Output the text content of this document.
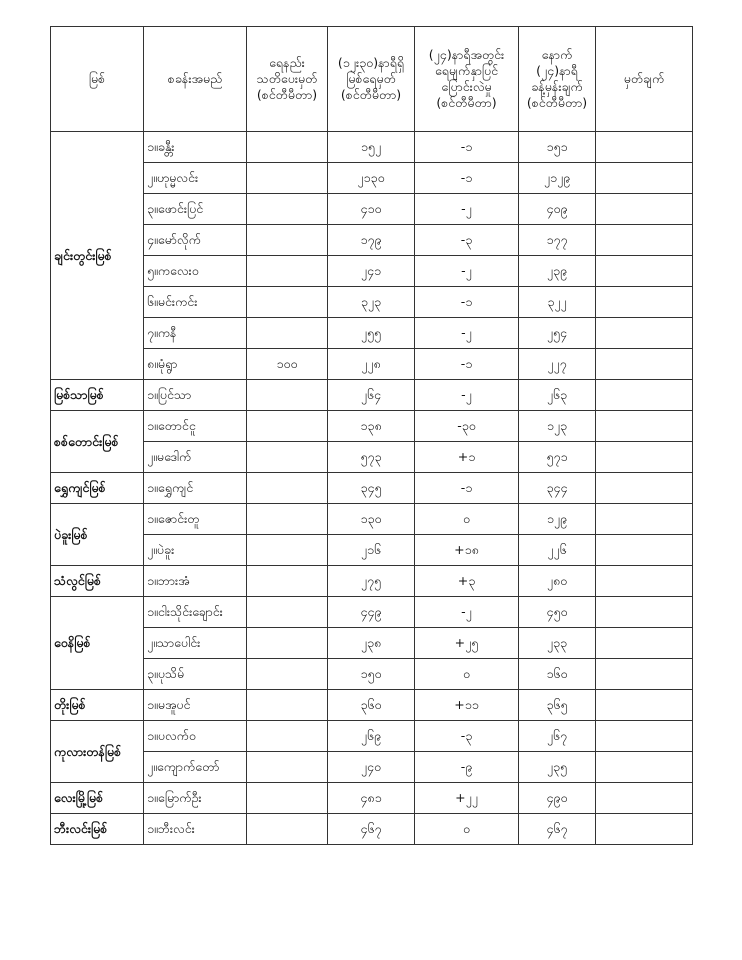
မြစ်	စခန်းအမည်	ရေနည်း
သတိပေးမှတ်
(စင်တီမီတာ)	(၁၂း၃၀)နာရီရှိ
မြစ်ရေမှတ်
(စင်တီမီတာ)	(၂၄)နာရီအတွင်း
ရေမျက်နှာပြင်
ပြောင်းလဲမှု
(စင်တီမီတာ)	နောက်
(၂၄)နာရီ
ခန့်မှန်းချက်
(စင်တီမီတာ)	မှတ်ချက်
ချင်းတွင်းမြစ်	၁။ခန္တီး		၁၅၂	-၁	၁၅၁	
	၂။ဟုမ္မလင်း		၂၁၃၀	-၁	၂၁၂၉	
	၃။ဖောင်းပြင်		၄၁၀	-၂	၄၀၉	
	၄။မော်လိုက်		၁၇၉	-၃	၁၇၇	
	၅။ကလေးဝ		၂၄၁	-၂	၂၃၉	
	၆။မင်းကင်း		၃၂၃	-၁	၃၂၂	
	၇။ကနီ		၂၅၅	-၂	၂၅၄	
	၈။မုံရွာ	၁၀၀	၂၂၈	-၁	၂၂၇	
မြစ်သာမြစ်	၁။ပြင်သာ		၂၆၄	-၂	၂၆၃	
စစ်တောင်းမြစ်	၁။တောင်ငူ		၁၃၈	-၃၀	၁၂၃	
	၂။မဒေါက်		၅၇၃	+၁	၅၇၁	
ရွှေကျင်မြစ်	၁။ရွှေကျင်		၃၄၅	-၁	၃၄၄	
ပဲခူးမြစ်	၁။ဇောင်းတူ		၁၃၀	၀	၁၂၉	
	၂။ပဲခူး		၂၁၆	+၁၈	၂၂၆	
သံလွင်မြစ်	၁။ဘားအံ		၂၇၅	+၃	၂၈၀	
ဝေနိမြစ်	၁။ငါးသိုင်းချောင်း		၄၄၉	-၂	၄၅၀	
	၂။သာပေါင်း		၂၃၈	+၂၅	၂၃၃	
	၃။ပုသိမ်		၁၅၀	၀	၁၆၀	
တိုးမြစ်	၁။မအူပင်		၃၆၀	+၁၁	၃၆၅	
ကုလားတန်မြစ်	၁။ပလက်ဝ		၂၆၉	-၃	၂၆၇	
	၂။ကျောက်တော်		၂၄၀	-၉	၂၃၅	
လေးမြို့မြစ်	၁။မြောက်ဦး		၄၈၁	+၂၂	၄၉၀	
ဘီးလင်းမြစ်	၁။ဘီးလင်း		၄၆၇	၀	၄၆၇	
